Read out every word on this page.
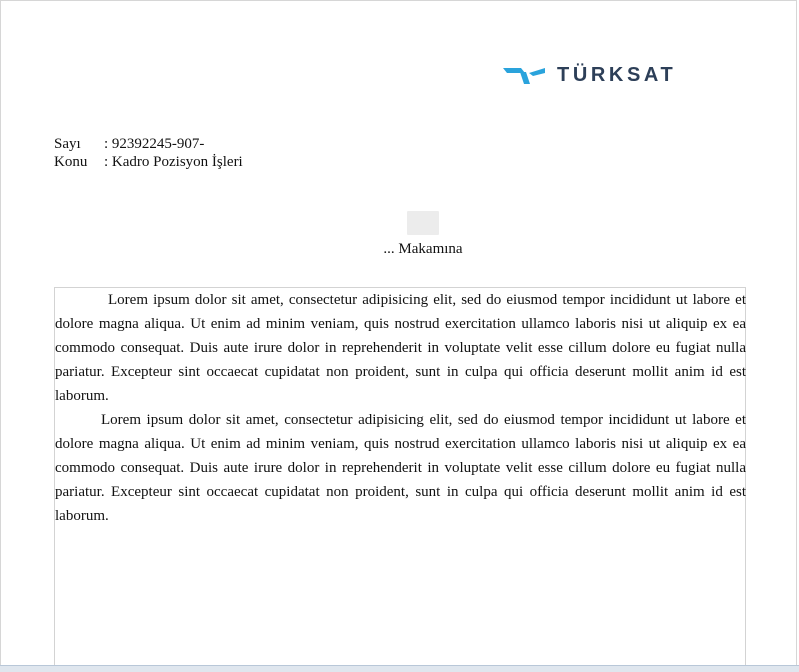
TÜRKSAT
Sayı	: 92392245-907-
Konu	: Kadro Pozisyon İşleri
... Makamına

Lorem ipsum dolor sit amet, consectetur adipisicing elit, sed do eiusmod tempor incididunt ut labore et dolore magna aliqua. Ut enim ad minim veniam, quis nostrud exercitation ullamco laboris nisi ut aliquip ex ea commodo consequat. Duis aute irure dolor in reprehenderit in voluptate velit esse cillum dolore eu fugiat nulla pariatur. Excepteur sint occaecat cupidatat non proident, sunt in culpa qui officia deserunt mollit anim id est laborum.

Lorem ipsum dolor sit amet, consectetur adipisicing elit, sed do eiusmod tempor incididunt ut labore et dolore magna aliqua. Ut enim ad minim veniam, quis nostrud exercitation ullamco laboris nisi ut aliquip ex ea commodo consequat. Duis aute irure dolor in reprehenderit in voluptate velit esse cillum dolore eu fugiat nulla pariatur. Excepteur sint occaecat cupidatat non proident, sunt in culpa qui officia deserunt mollit anim id est laborum.
